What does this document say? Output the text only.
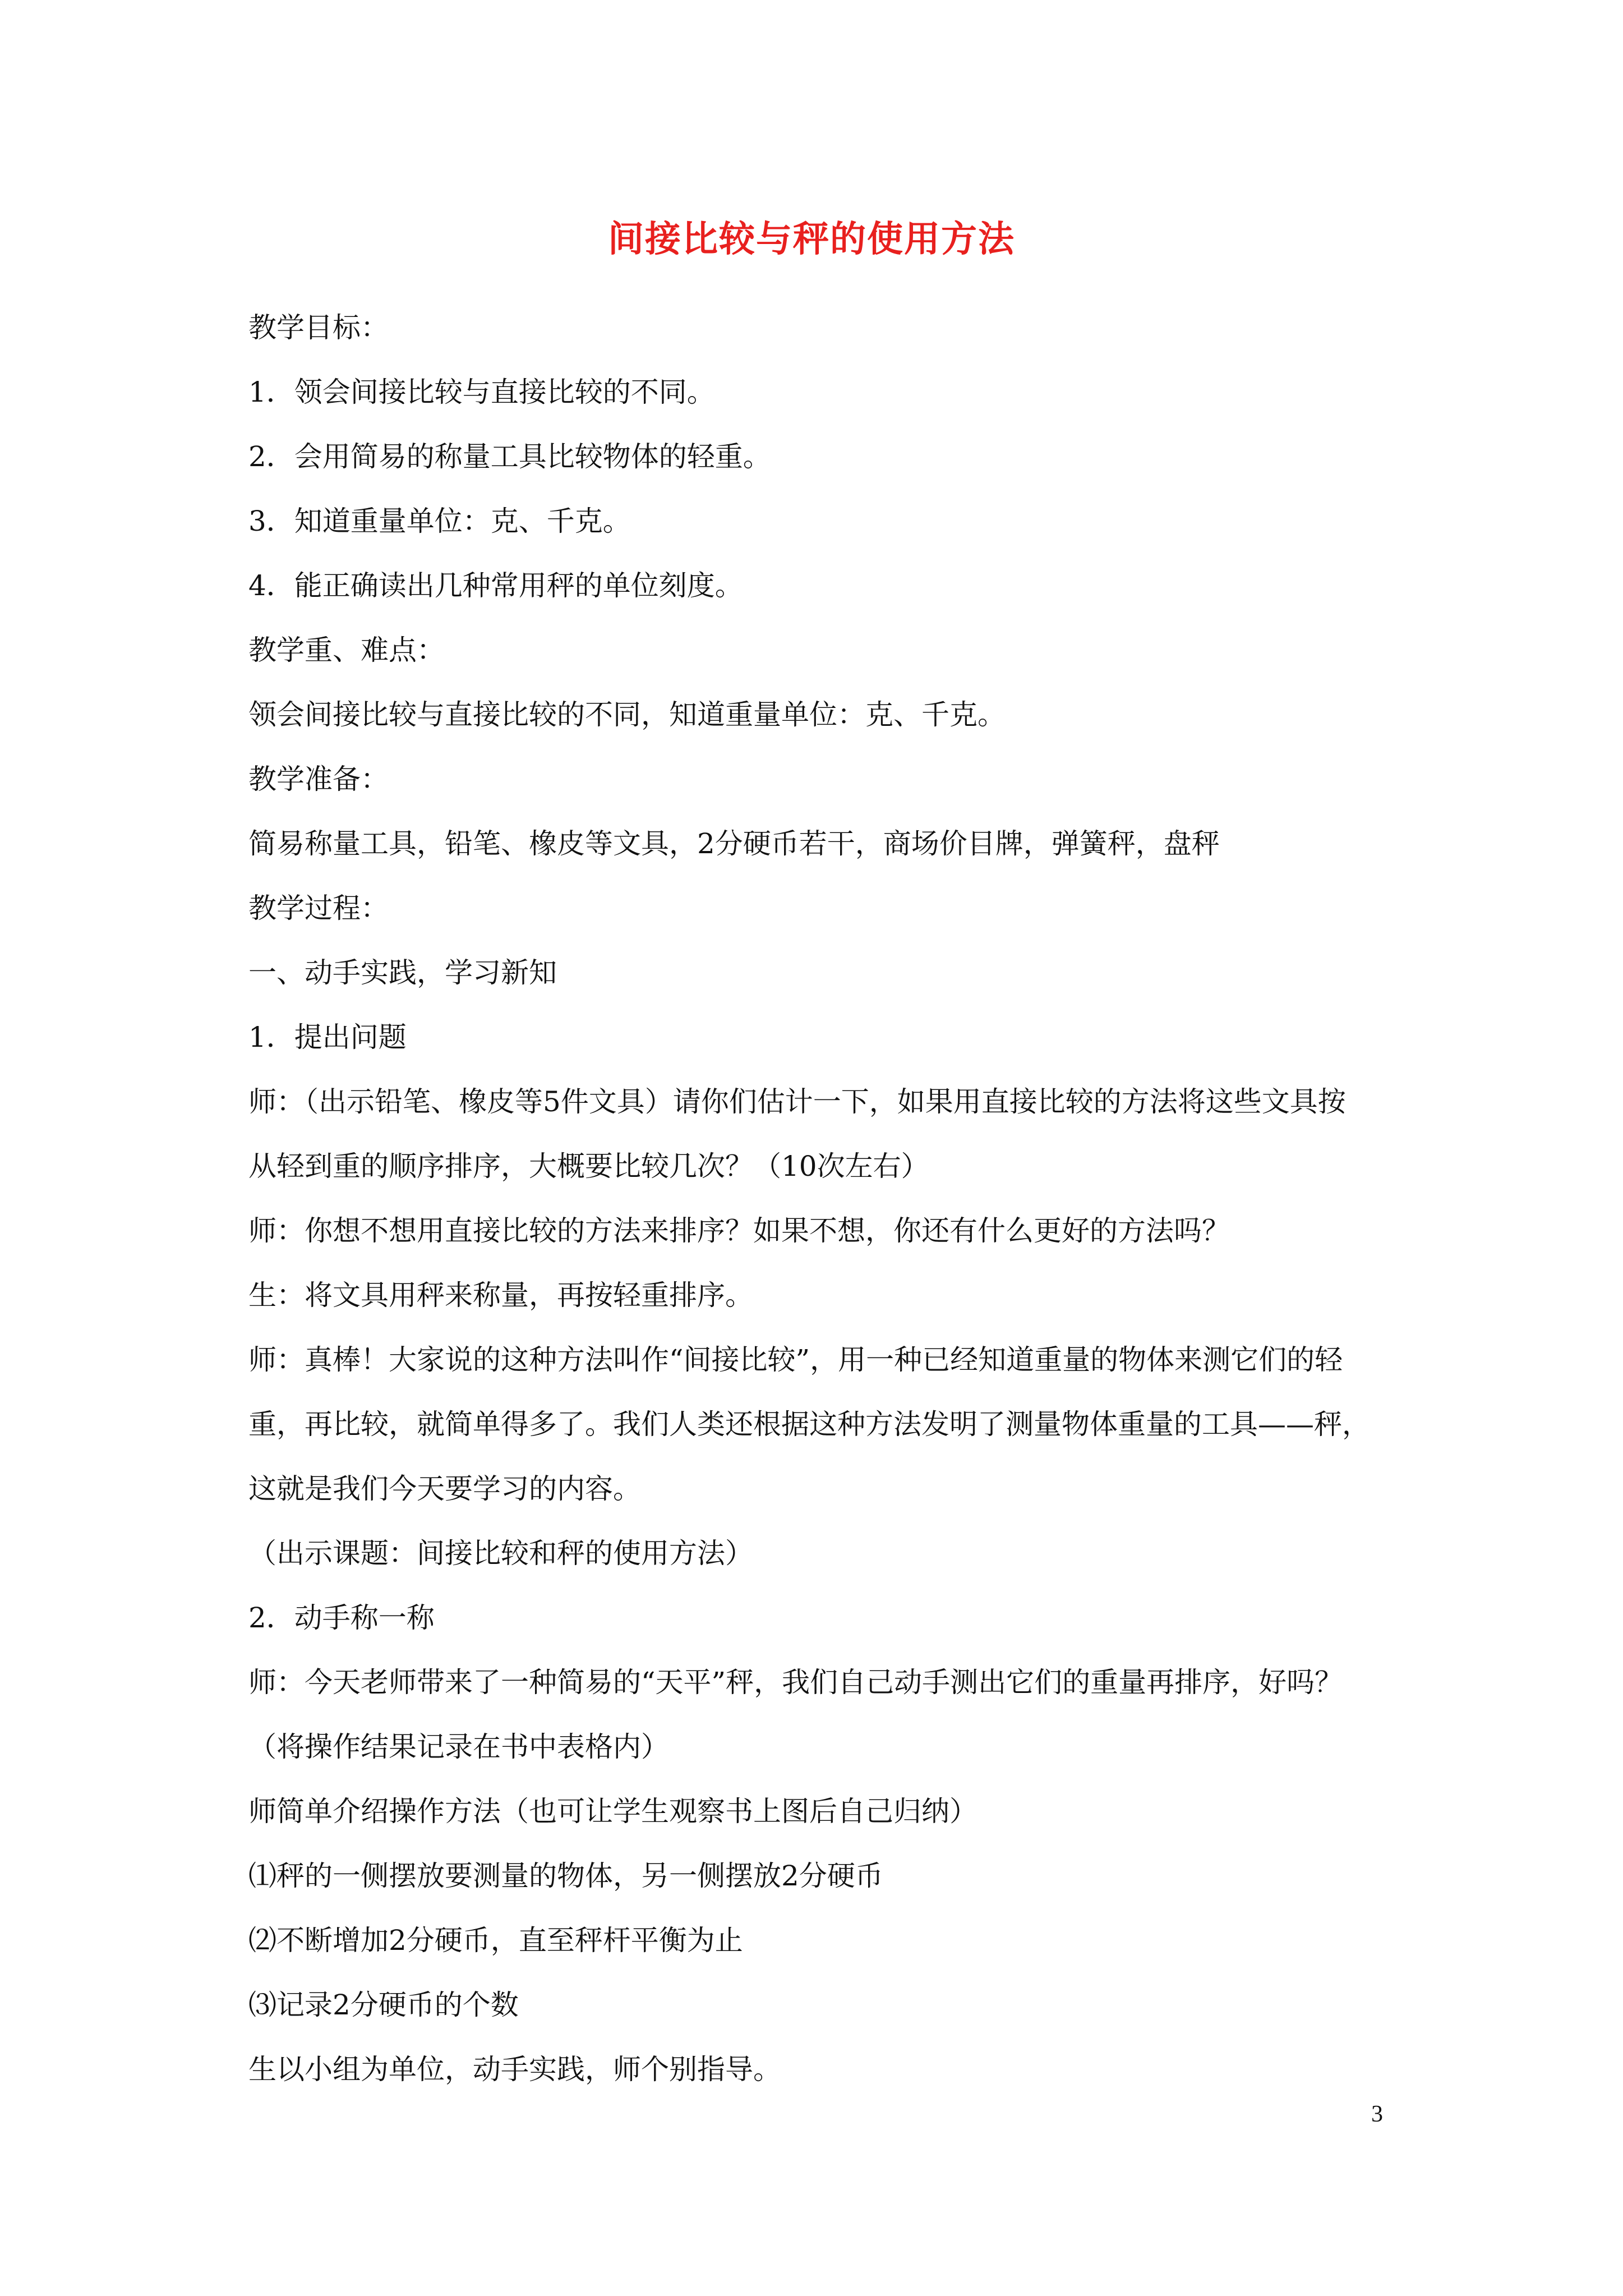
间接比较与秤的使用方法
教学目标：
1．领会间接比较与直接比较的不同。
2．会用简易的称量工具比较物体的轻重。
3．知道重量单位：克、千克。
4．能正确读出几种常用秤的单位刻度。
教学重、难点：
领会间接比较与直接比较的不同，知道重量单位：克、千克。
教学准备：
简易称量工具，铅笔、橡皮等文具，2分硬币若干，商场价目牌，弹簧秤，盘秤
教学过程：
一、动手实践，学习新知
1．提出问题
师：（出示铅笔、橡皮等5件文具）请你们估计一下，如果用直接比较的方法将这些文具按
从轻到重的顺序排序，大概要比较几次？（10次左右）
师：你想不想用直接比较的方法来排序？如果不想，你还有什么更好的方法吗？
生：将文具用秤来称量，再按轻重排序。
师：真棒！大家说的这种方法叫作“间接比较”，用一种已经知道重量的物体来测它们的轻
重，再比较，就简单得多了。我们人类还根据这种方法发明了测量物体重量的工具——秤，
这就是我们今天要学习的内容。
（出示课题：间接比较和秤的使用方法）
2．动手称一称
师：今天老师带来了一种简易的“天平”秤，我们自己动手测出它们的重量再排序，好吗？
（将操作结果记录在书中表格内）
师简单介绍操作方法（也可让学生观察书上图后自己归纳）
⑴秤的一侧摆放要测量的物体，另一侧摆放2分硬币
⑵不断增加2分硬币，直至秤杆平衡为止
⑶记录2分硬币的个数
生以小组为单位，动手实践，师个别指导。
3
